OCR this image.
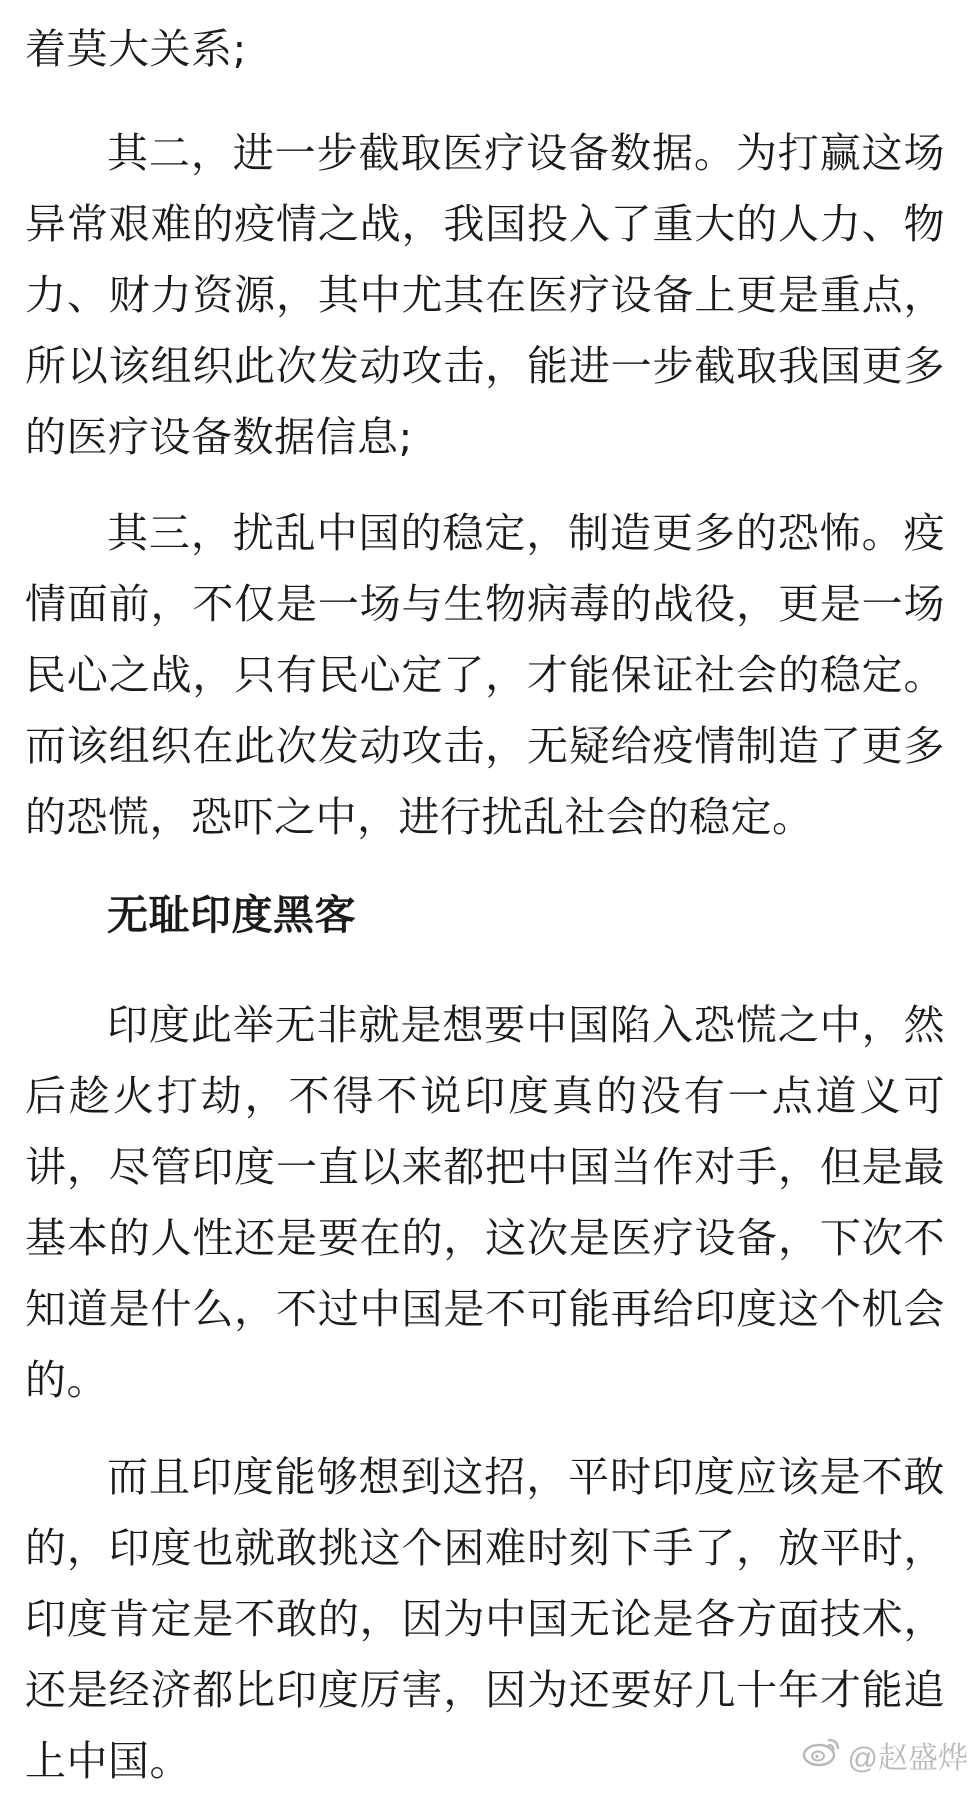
着莫大关系;

其二，进一步截取医疗设备数据。为打赢这场异常艰难的疫情之战，我国投入了重大的人力、物力、财力资源，其中尤其在医疗设备上更是重点，所以该组织此次发动攻击，能进一步截取我国更多的医疗设备数据信息;

其三，扰乱中国的稳定，制造更多的恐怖。疫情面前，不仅是一场与生物病毒的战役，更是一场民心之战，只有民心定了，才能保证社会的稳定。而该组织在此次发动攻击，无疑给疫情制造了更多的恐慌，恐吓之中，进行扰乱社会的稳定。

无耻印度黑客

印度此举无非就是想要中国陷入恐慌之中，然后趁火打劫，不得不说印度真的没有一点道义可讲，尽管印度一直以来都把中国当作对手，但是最基本的人性还是要在的，这次是医疗设备，下次不知道是什么，不过中国是不可能再给印度这个机会的。

而且印度能够想到这招，平时印度应该是不敢的，印度也就敢挑这个困难时刻下手了，放平时，印度肯定是不敢的，因为中国无论是各方面技术，还是经济都比印度厉害，因为还要好几十年才能追上中国。	@赵盛烨
